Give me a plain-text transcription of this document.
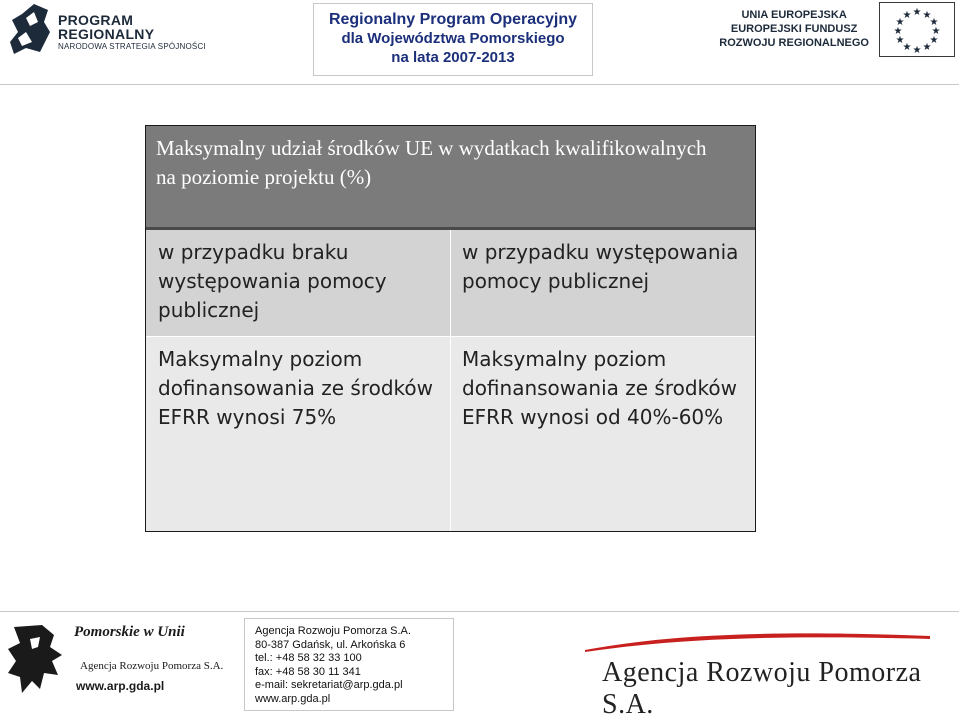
PROGRAM
REGIONALNY
NARODOWA STRATEGIA SPÓJNOŚCI
Regionalny Program Operacyjny
dla Województwa Pomorskiego
na lata 2007-2013
UNIA EUROPEJSKA
EUROPEJSKI FUNDUSZ
ROZWOJU REGIONALNEGO
★ ★
★
★
★
★
★
★
★
★
★
★
Maksymalny udział środków UE w wydatkach kwalifikowalnych na poziomie projektu (%)
w przypadku braku występowania pomocy publicznej
w przypadku występowania pomocy publicznej
Maksymalny poziom dofinansowania ze środków EFRR wynosi 75%
Maksymalny poziom dofinansowania ze środków EFRR wynosi od 40%-60%
Pomorskie w Unii
Agencja Rozwoju Pomorza S.A.
www.arp.gda.pl
Agencja Rozwoju Pomorza S.A.
80-387 Gdańsk, ul. Arkońska 6
tel.: +48 58 32 33 100
fax: +48 58 30 11 341
e-mail: sekretariat@arp.gda.pl
www.arp.gda.pl
Agencja Rozwoju Pomorza S.A.
